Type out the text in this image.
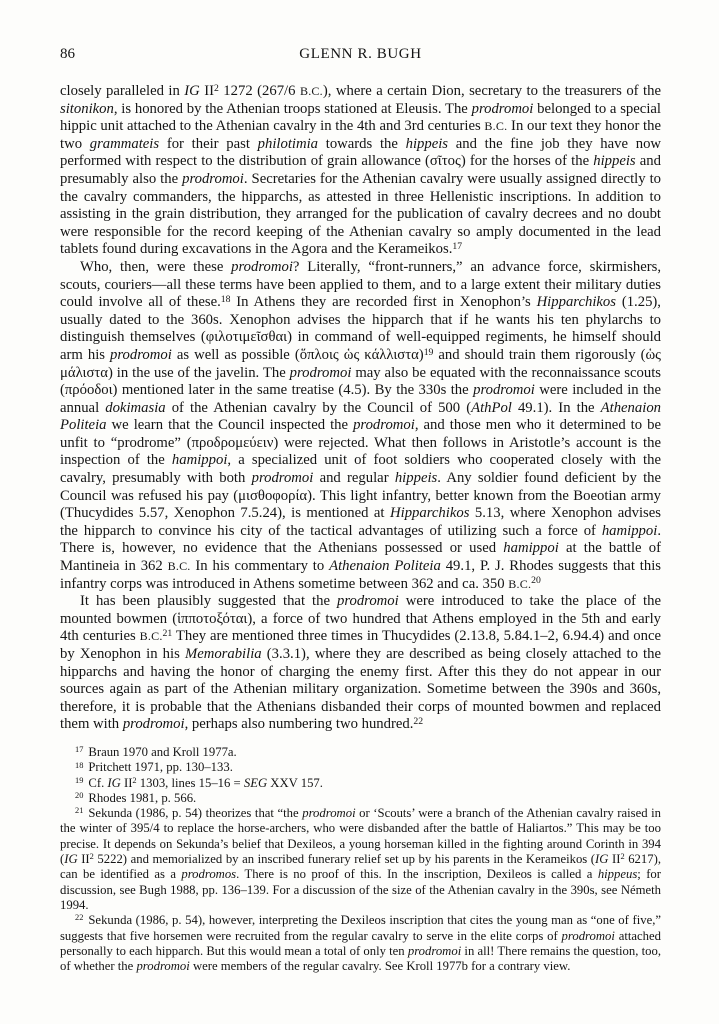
86	GLENN R. BUGH

closely paralleled in IG $II^2$ 1272 (267/6 B.C.), where a certain Dion, secretary to the treasurers of the sitonikon, is honored by the Athenian troops stationed at Eleusis. The prodromoi belonged to a special hippic unit attached to the Athenian cavalry in the 4th and 3rd centuries B.C. In our text they honor the two grammateis for their past philotimia towards the hippeis and the fine job they have now performed with respect to the distribution of grain allowance (σῖτος) for the horses of the hippeis and presumably also the prodromoi. Secretaries for the Athenian cavalry were usually assigned directly to the cavalry commanders, the hipparchs, as attested in three Hellenistic inscriptions. In addition to assisting in the grain distribution, they arranged for the publication of cavalry decrees and no doubt were responsible for the record keeping of the Athenian cavalry so amply documented in the lead tablets found during excavations in the Agora and the Kerameikos.$^{17}$

Who, then, were these prodromoi? Literally, “front-runners,” an advance force, skirmishers, scouts, couriers—all these terms have been applied to them, and to a large extent their military duties could involve all of these.$^{18}$ In Athens they are recorded first in Xenophon’s Hipparchikos (1.25), usually dated to the 360s. Xenophon advises the hipparch that if he wants his ten phylarchs to distinguish themselves (φιλοτιμεῖσθαι) in command of well-equipped regiments, he himself should arm his prodromoi as well as possible (ὅπλοις ὡς κάλλιστα)$^{19}$ and should train them rigorously (ὡς μάλιστα) in the use of the javelin. The prodromoi may also be equated with the reconnaissance scouts (πρόοδοι) mentioned later in the same treatise (4.5). By the 330s the prodromoi were included in the annual dokimasia of the Athenian cavalry by the Council of 500 (AthPol 49.1). In the Athenaion Politeia we learn that the Council inspected the prodromoi, and those men who it determined to be unfit to “prodrome” (προδρομεύειν) were rejected. What then follows in Aristotle’s account is the inspection of the hamippoi, a specialized unit of foot soldiers who cooperated closely with the cavalry, presumably with both prodromoi and regular hippeis. Any soldier found deficient by the Council was refused his pay (μισθοφορία). This light infantry, better known from the Boeotian army (Thucydides 5.57, Xenophon 7.5.24), is mentioned at Hipparchikos 5.13, where Xenophon advises the hipparch to convince his city of the tactical advantages of utilizing such a force of hamippoi. There is, however, no evidence that the Athenians possessed or used hamippoi at the battle of Mantineia in 362 B.C. In his commentary to Athenaion Politeia 49.1, P. J. Rhodes suggests that this infantry corps was introduced in Athens sometime between 362 and ca. 350 B.C.$^{20}$

It has been plausibly suggested that the prodromoi were introduced to take the place of the mounted bowmen (ἱπποτοξόται), a force of two hundred that Athens employed in the 5th and early 4th centuries B.C.$^{21}$ They are mentioned three times in Thucydides (2.13.8, 5.84.1–2, 6.94.4) and once by Xenophon in his Memorabilia (3.3.1), where they are described as being closely attached to the hipparchs and having the honor of charging the enemy first. After this they do not appear in our sources again as part of the Athenian military organization. Sometime between the 390s and 360s, therefore, it is probable that the Athenians disbanded their corps of mounted bowmen and replaced them with prodromoi, perhaps also numbering two hundred.$^{22}$

$^{17}$ Braun 1970 and Kroll 1977a.

$^{18}$ Pritchett 1971, pp. 130–133.

$^{19}$ Cf. IG $II^2$ 1303, lines 15–16 = SEG XXV 157.

$^{20}$ Rhodes 1981, p. 566.

$^{21}$ Sekunda (1986, p. 54) theorizes that “the prodromoi or ‘Scouts’ were a branch of the Athenian cavalry raised in the winter of 395/4 to replace the horse-archers, who were disbanded after the battle of Haliartos.” This may be too precise. It depends on Sekunda’s belief that Dexileos, a young horseman killed in the fighting around Corinth in 394 (IG $II^2$ 5222) and memorialized by an inscribed funerary relief set up by his parents in the Kerameikos (IG $II^2$ 6217), can be identified as a prodromos. There is no proof of this. In the inscription, Dexileos is called a hippeus; for discussion, see Bugh 1988, pp. 136–139. For a discussion of the size of the Athenian cavalry in the 390s, see Németh 1994.

$^{22}$ Sekunda (1986, p. 54), however, interpreting the Dexileos inscription that cites the young man as “one of five,” suggests that five horsemen were recruited from the regular cavalry to serve in the elite corps of prodromoi attached personally to each hipparch. But this would mean a total of only ten prodromoi in all! There remains the question, too, of whether the prodromoi were members of the regular cavalry. See Kroll 1977b for a contrary view.
